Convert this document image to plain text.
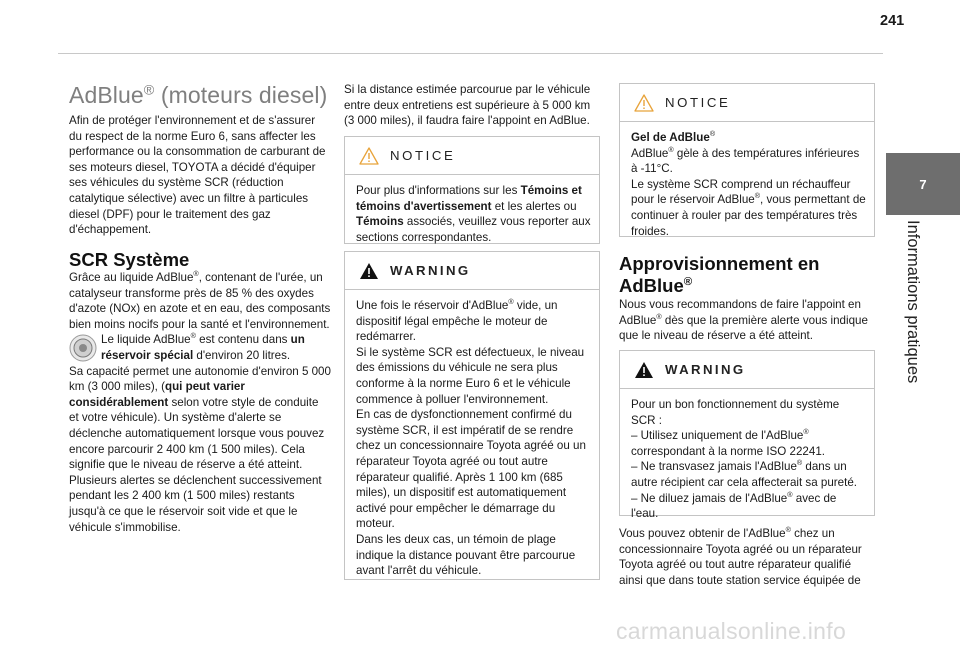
241
7
Informations pratiques
AdBlue® (moteurs diesel)
Afin de protéger l'environnement et de s'assurer du respect de la norme Euro 6, sans affecter les performance ou la consommation de carburant de ses moteurs diesel, TOYOTA a décidé d'équiper ses véhicules du système SCR (réduction catalytique sélective) avec un filtre à particules diesel (DPF) pour le traitement des gaz d'échappement.
SCR Système

Grâce au liquide AdBlue®, contenant de l'urée, un catalyseur transforme près de 85 % des oxydes d'azote (NOx) en azote et en eau, des composants bien moins nocifs pour la santé et l'environnement.

Le liquide AdBlue® est contenu dans un réservoir spécial d'environ 20 litres.

Sa capacité permet une autonomie d'environ 5 000 km (3 000 miles), (qui peut varier considérablement selon votre style de conduite et votre véhicule). Un système d'alerte se déclenche automatiquement lorsque vous pouvez encore parcourir 2 400 km (1 500 miles). Cela signifie que le niveau de réserve a été atteint.

Plusieurs alertes se déclenchent successivement pendant les 2 400 km (1 500 miles) restants jusqu'à ce que le réservoir soit vide et que le véhicule s'immobilise.

Si la distance estimée parcourue par le véhicule entre deux entretiens est supérieure à 5 000 km (3 000 miles), il faudra faire l'appoint en AdBlue.
NOTICE
Pour plus d'informations sur les Témoins et témoins d'avertissement et les alertes ou Témoins associés, veuillez vous reporter aux sections correspondantes.
WARNING

Une fois le réservoir d'AdBlue® vide, un dispositif légal empêche le moteur de redémarrer.

Si le système SCR est défectueux, le niveau des émissions du véhicule ne sera plus conforme à la norme Euro 6 et le véhicule commence à polluer l'environnement.

En cas de dysfonctionnement confirmé du système SCR, il est impératif de se rendre chez un concessionnaire Toyota agréé ou un réparateur Toyota agréé ou tout autre réparateur qualifié. Après 1 100 km (685 miles), un dispositif est automatiquement activé pour empêcher le démarrage du moteur.

Dans les deux cas, un témoin de plage indique la distance pouvant être parcourue avant l'arrêt du véhicule.

NOTICE

Gel de AdBlue®

AdBlue® gèle à des températures inférieures à -11°C.

Le système SCR comprend un réchauffeur pour le réservoir AdBlue®, vous permettant de continuer à rouler par des températures très froides.

Approvisionnement en
AdBlue®
Nous vous recommandons de faire l'appoint en AdBlue® dès que la première alerte vous indique que le niveau de réserve a été atteint.
WARNING

Pour un bon fonctionnement du système SCR :

– Utilisez uniquement de l'AdBlue® correspondant à la norme ISO 22241.

– Ne transvasez jamais l'AdBlue® dans un autre récipient car cela affecterait sa pureté.

– Ne diluez jamais de l'AdBlue® avec de l'eau.

Vous pouvez obtenir de l'AdBlue® chez un concessionnaire Toyota agréé ou un réparateur Toyota agréé ou tout autre réparateur qualifié ainsi que dans toute station service équipée de
carmanualsonline.info
